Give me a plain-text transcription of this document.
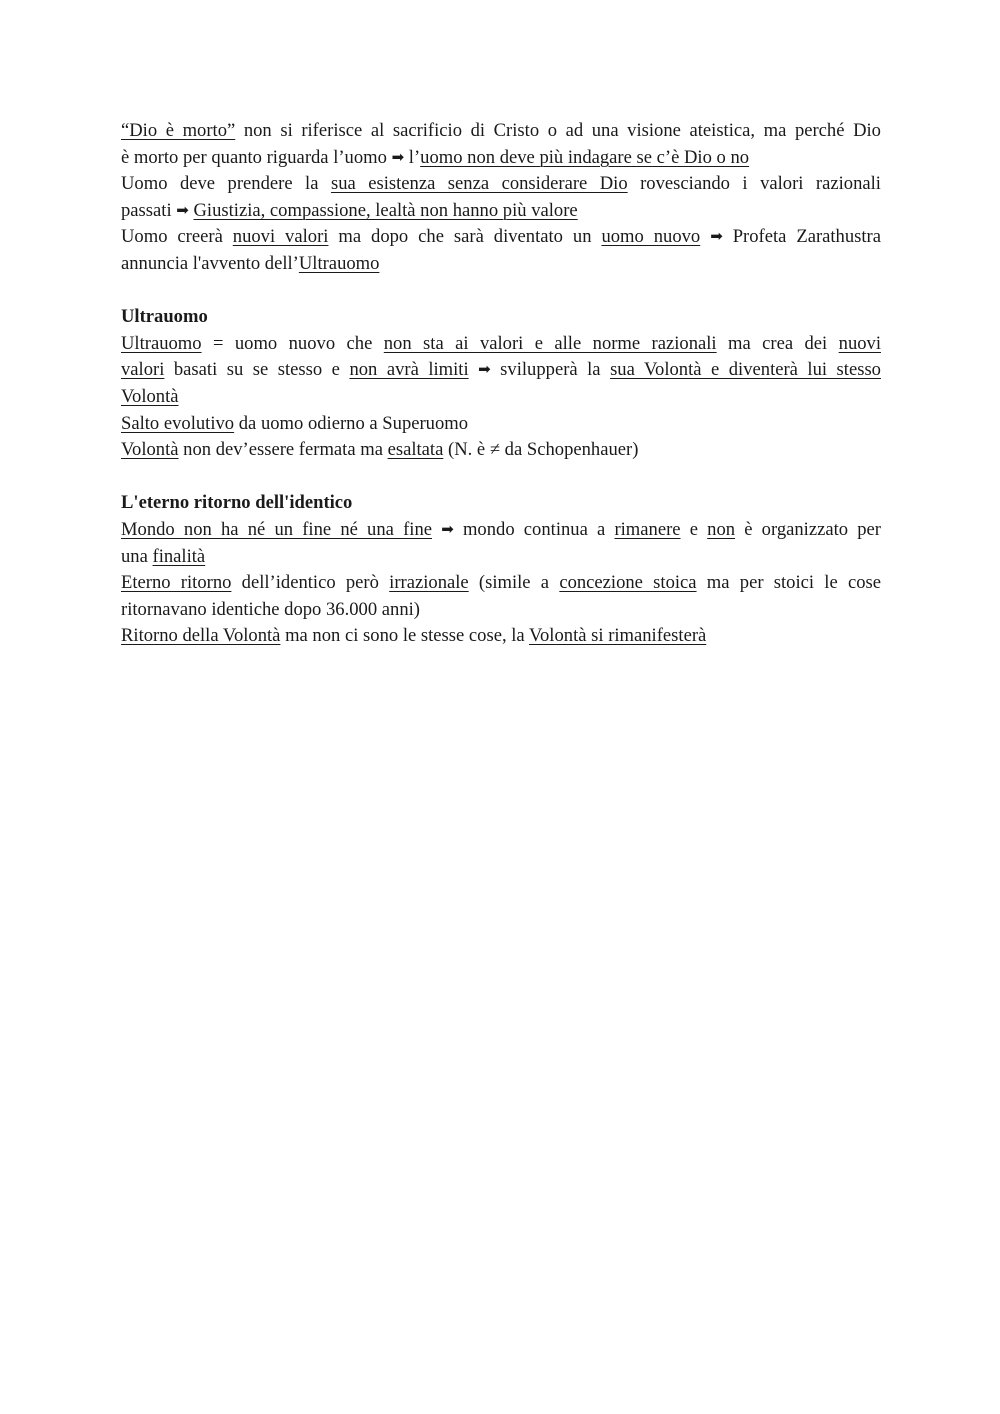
“Dio è morto” non si riferisce al sacrificio di Cristo o ad una visione ateistica, ma perché Dio
è morto per quanto riguarda l’uomo ➡ l’uomo non deve più indagare se c’è Dio o no
Uomo deve prendere la sua esistenza senza considerare Dio rovesciando i valori razionali
passati ➡ Giustizia, compassione, lealtà non hanno più valore
Uomo creerà nuovi valori ma dopo che sarà diventato un uomo nuovo ➡ Profeta Zarathustra
annuncia l'avvento dell’Ultrauomo
Ultrauomo
Ultrauomo = uomo nuovo che non sta ai valori e alle norme razionali ma crea dei nuovi
valori basati su se stesso e non avrà limiti ➡ svilupperà la sua Volontà e diventerà lui stesso
Volontà
Salto evolutivo da uomo odierno a Superuomo
Volontà non dev’essere fermata ma esaltata (N. è ≠ da Schopenhauer)
L'eterno ritorno dell'identico
Mondo non ha né un fine né una fine ➡ mondo continua a rimanere e non è organizzato per
una finalità
Eterno ritorno dell’identico però irrazionale (simile a concezione stoica ma per stoici le cose
ritornavano identiche dopo 36.000 anni)
Ritorno della Volontà ma non ci sono le stesse cose, la Volontà si rimanifesterà
